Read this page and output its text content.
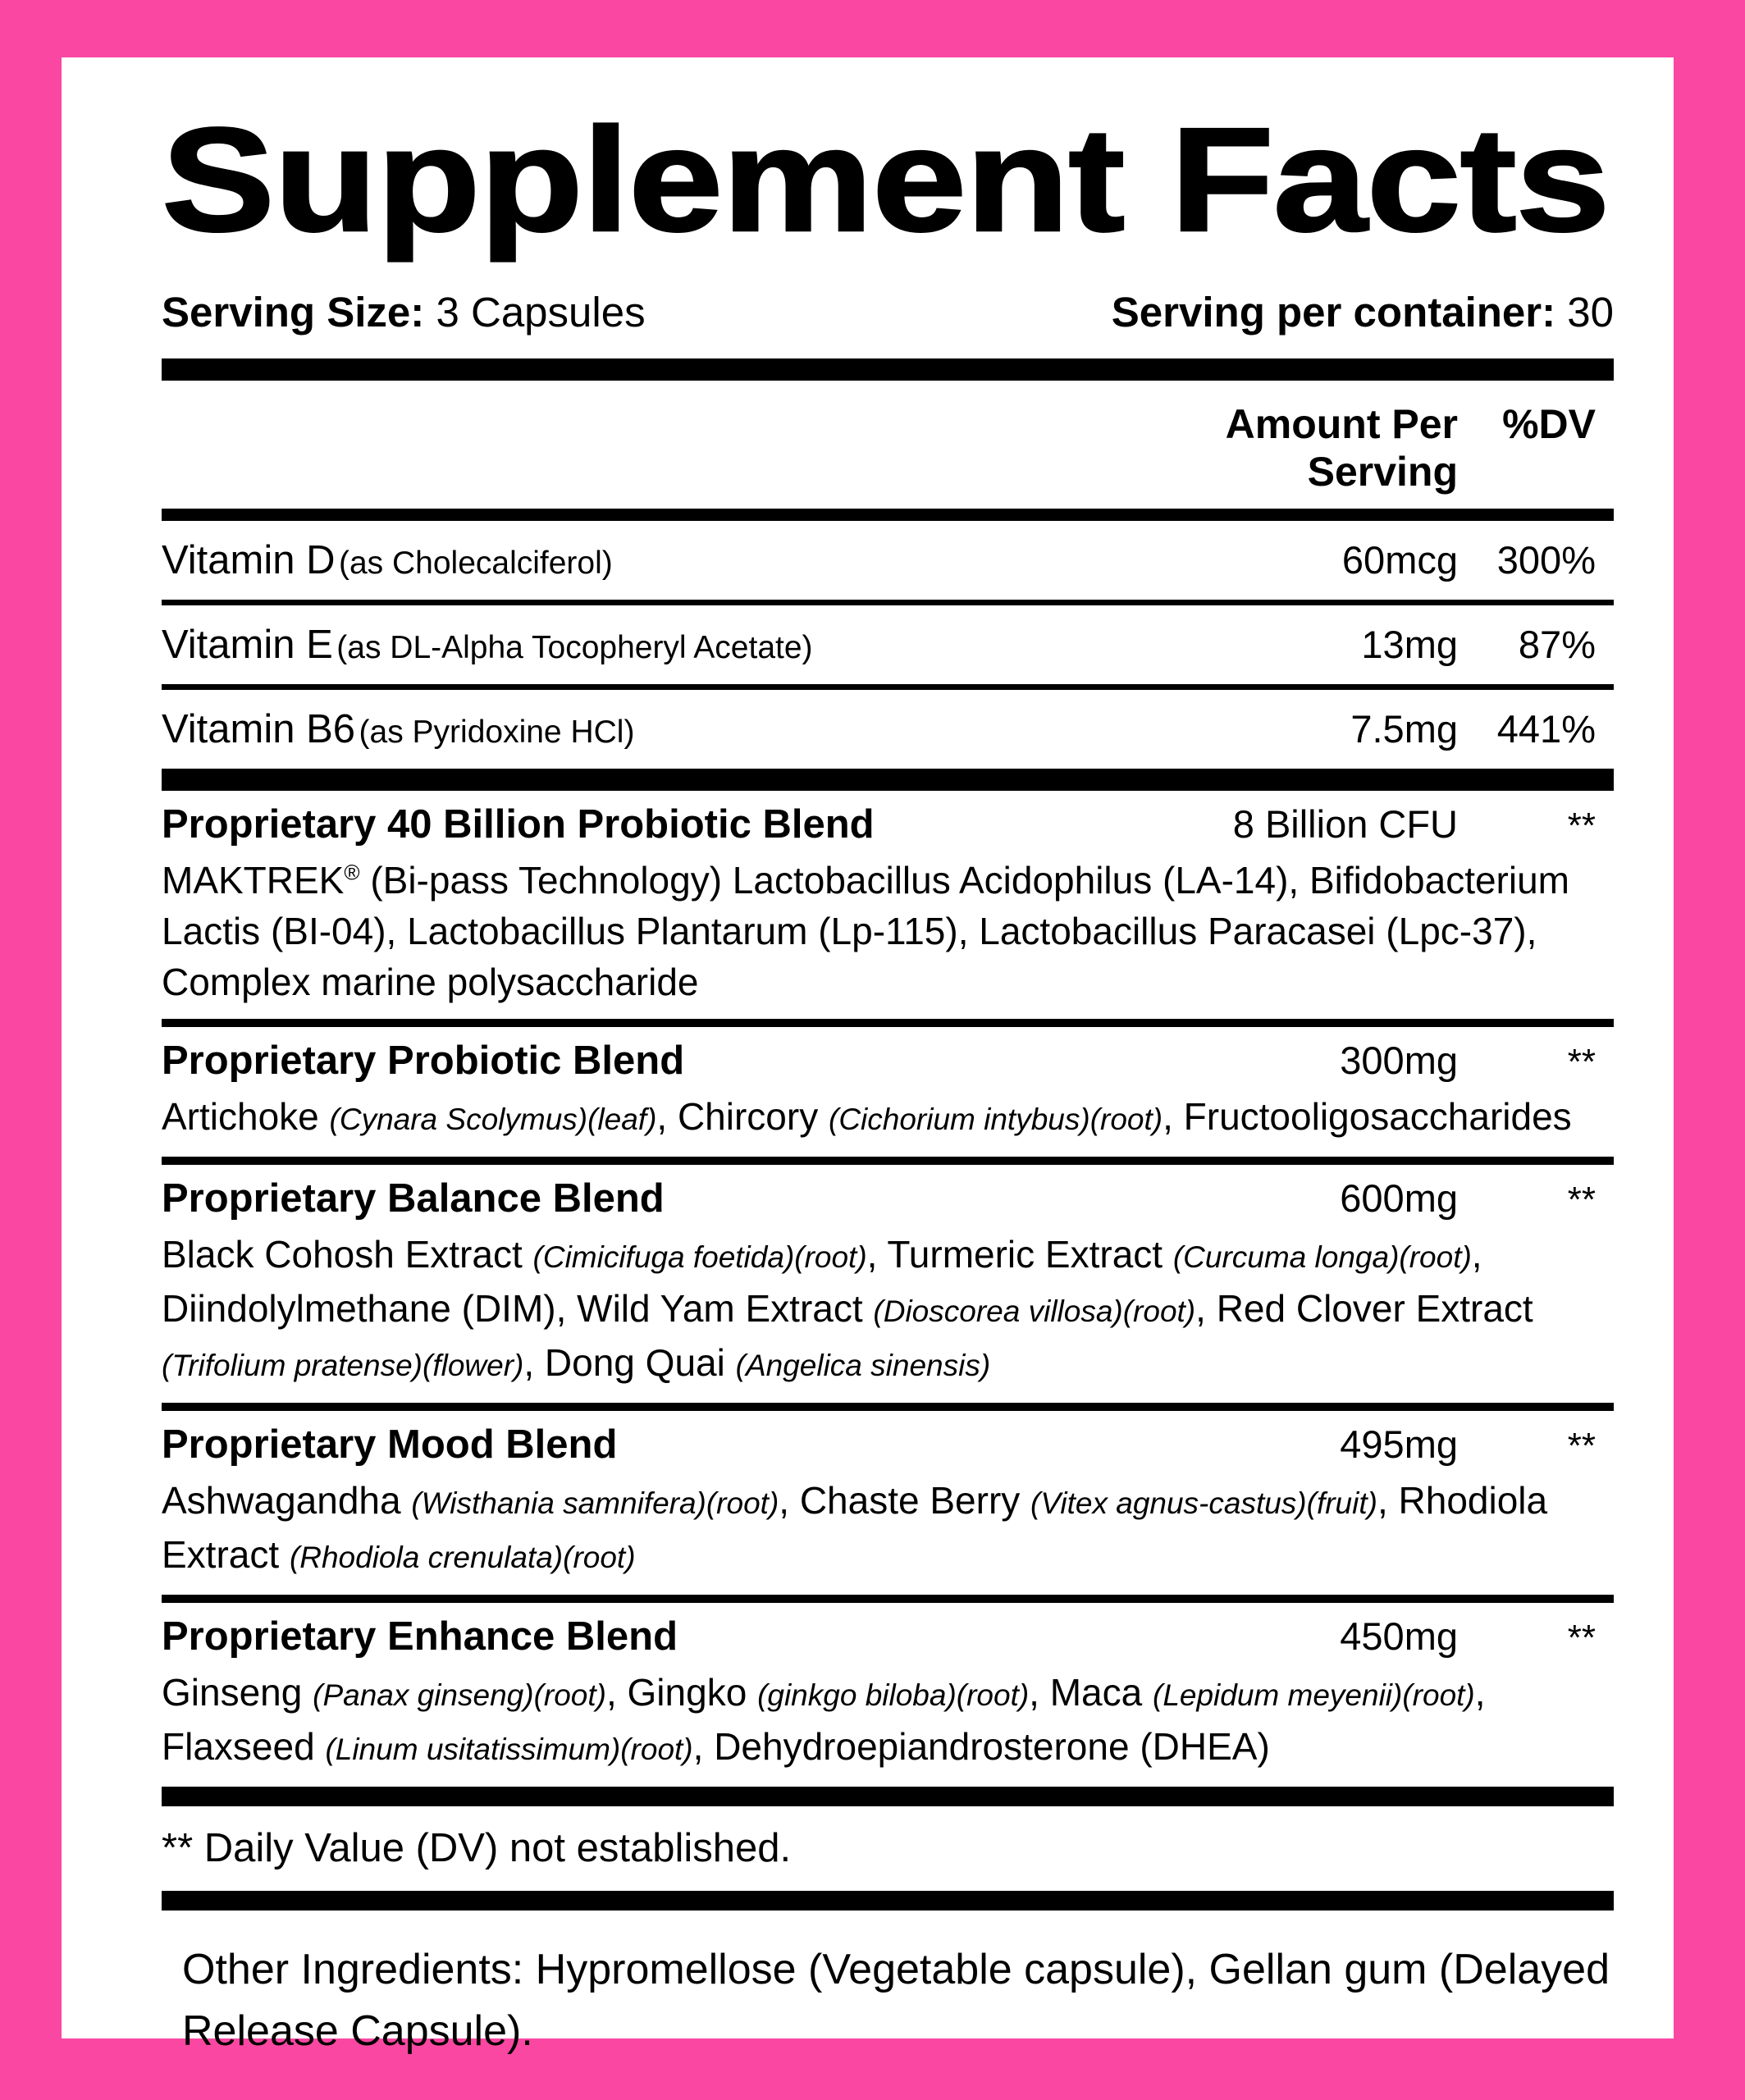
Supplement Facts
Serving Size: 3 Capsules	Serving per container: 30
Amount Per Serving
%DV
Vitamin D (as Cholecalciferol)	60mcg	300%
Vitamin E (as DL-Alpha Tocopheryl Acetate)	13mg	87%
Vitamin B6 (as Pyridoxine HCl)	7.5mg	441%
Proprietary 40 Billion Probiotic Blend	8 Billion CFU	**
MAKTREK® (Bi-pass Technology) Lactobacillus Acidophilus (LA-14), Bifidobacterium Lactis (BI-04), Lactobacillus Plantarum (Lp-115), Lactobacillus Paracasei (Lpc-37), Complex marine polysaccharide
Proprietary Probiotic Blend	300mg	**
Artichoke (Cynara Scolymus)(leaf), Chircory (Cichorium intybus)(root), Fructooligosaccharides
Proprietary Balance Blend	600mg	**
Black Cohosh Extract (Cimicifuga foetida)(root), Turmeric Extract (Curcuma longa)(root), Diindolylmethane (DIM), Wild Yam Extract (Dioscorea villosa)(root), Red Clover Extract (Trifolium pratense)(flower), Dong Quai (Angelica sinensis)
Proprietary Mood Blend	495mg	**
Ashwagandha (Wisthania samnifera)(root), Chaste Berry (Vitex agnus-castus)(fruit), Rhodiola Extract (Rhodiola crenulata)(root)
Proprietary Enhance Blend	450mg	**
Ginseng (Panax ginseng)(root), Gingko (ginkgo biloba)(root), Maca (Lepidum meyenii)(root), Flaxseed (Linum usitatissimum)(root), Dehydroepiandrosterone (DHEA)
** Daily Value (DV) not established.
Other Ingredients: Hypromellose (Vegetable capsule), Gellan gum (Delayed Release Capsule).
